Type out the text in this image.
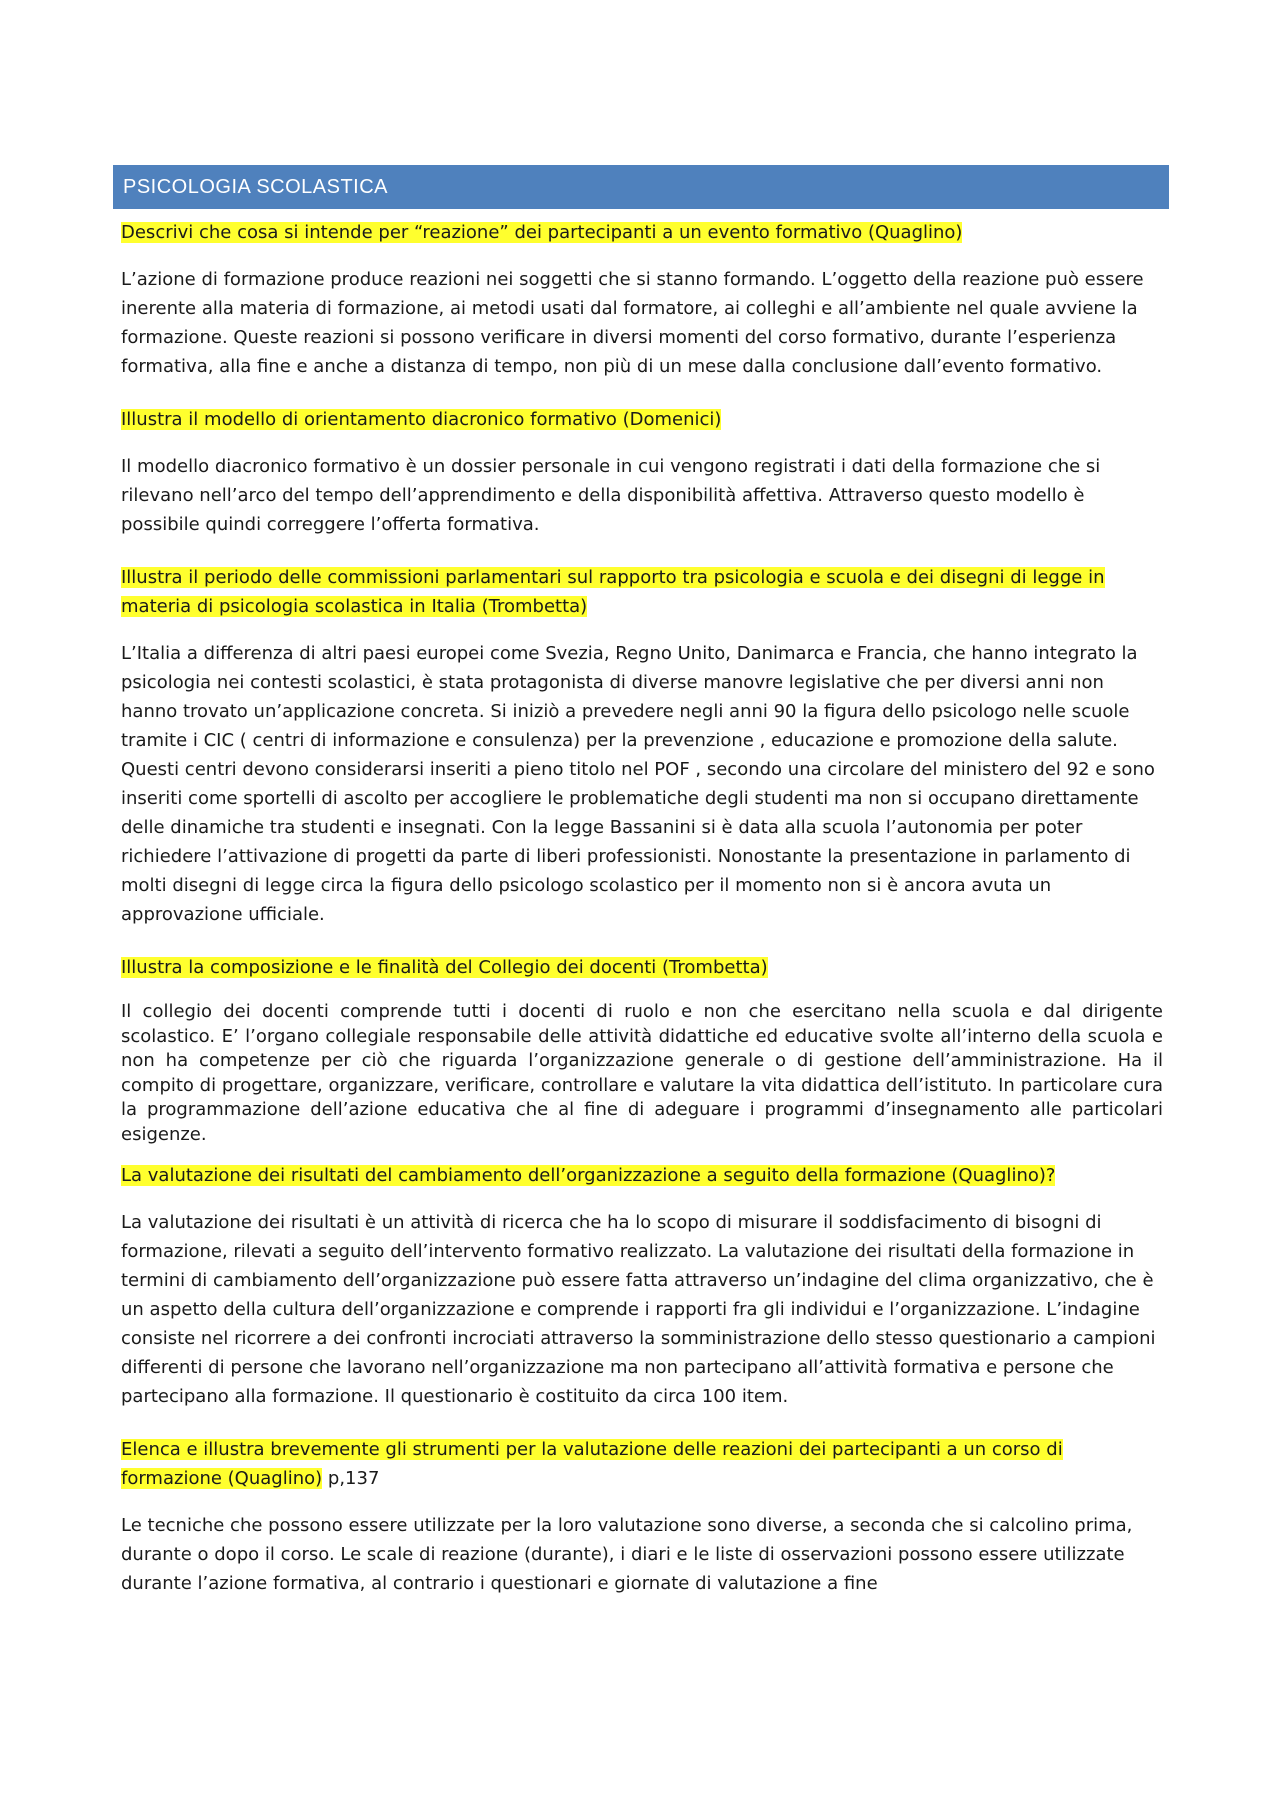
PSICOLOGIA SCOLASTICA

Descrivi che cosa si intende per “reazione” dei partecipanti a un evento formativo (Quaglino)

L’azione di formazione produce reazioni nei soggetti che si stanno formando. L’oggetto della reazione può essere inerente alla materia di formazione, ai metodi usati dal formatore, ai colleghi e all’ambiente nel quale avviene la formazione. Queste reazioni si possono verificare in diversi momenti del corso formativo, durante l’esperienza formativa, alla fine e anche a distanza di tempo, non più di un mese dalla conclusione dall’evento formativo.

Illustra il modello di orientamento diacronico formativo (Domenici)

Il modello diacronico formativo è un dossier personale in cui vengono registrati i dati della formazione che si rilevano nell’arco del tempo dell’apprendimento e della disponibilità affettiva. Attraverso questo modello è possibile quindi correggere l’offerta formativa.

Illustra il periodo delle commissioni parlamentari sul rapporto tra psicologia e scuola e dei disegni di legge in materia di psicologia scolastica in Italia (Trombetta)

L’Italia a differenza di altri paesi europei come Svezia, Regno Unito, Danimarca e Francia, che hanno integrato la psicologia nei contesti scolastici, è stata protagonista di diverse manovre legislative che per diversi anni non hanno trovato un’applicazione concreta. Si iniziò a prevedere negli anni 90 la figura dello psicologo nelle scuole tramite i CIC ( centri di informazione e consulenza) per la prevenzione , educazione e promozione della salute. Questi centri devono considerarsi inseriti a pieno titolo nel POF , secondo una circolare del ministero del 92 e sono inseriti come sportelli di ascolto per accogliere le problematiche degli studenti ma non si occupano direttamente delle dinamiche tra studenti e insegnati. Con la legge Bassanini si è data alla scuola l’autonomia per poter richiedere l’attivazione di progetti da parte di liberi professionisti. Nonostante la presentazione in parlamento di molti disegni di legge circa la figura dello psicologo scolastico per il momento non si è ancora avuta un approvazione ufficiale.

Illustra la composizione e le finalità del Collegio dei docenti (Trombetta)

Il collegio dei docenti comprende tutti i docenti di ruolo e non che esercitano nella scuola e dal dirigente scolastico. E’ l’organo collegiale responsabile delle attività didattiche ed educative svolte all’interno della scuola e non ha competenze per ciò che riguarda l’organizzazione generale o di gestione dell’amministrazione. Ha il compito di progettare, organizzare, verificare, controllare e valutare la vita didattica dell’istituto. In particolare cura la programmazione dell’azione educativa che al fine di adeguare i programmi d’insegnamento alle particolari esigenze.

La valutazione dei risultati del cambiamento dell’organizzazione a seguito della formazione (Quaglino)?

La valutazione dei risultati è un attività di ricerca che ha lo scopo di misurare il soddisfacimento di bisogni di formazione, rilevati a seguito dell’intervento formativo realizzato. La valutazione dei risultati della formazione in termini di cambiamento dell’organizzazione può essere fatta attraverso un’indagine del clima organizzativo, che è un aspetto della cultura dell’organizzazione e comprende i rapporti fra gli individui e l’organizzazione. L’indagine consiste nel ricorrere a dei confronti incrociati attraverso la somministrazione dello stesso questionario a campioni differenti di persone che lavorano nell’organizzazione ma non partecipano all’attività formativa e persone che partecipano alla formazione. Il questionario è costituito da circa 100 item.

Elenca e illustra brevemente gli strumenti per la valutazione delle reazioni dei partecipanti a un corso di formazione (Quaglino) p,137

Le tecniche che possono essere utilizzate per la loro valutazione sono diverse, a seconda che si calcolino prima, durante o dopo il corso. Le scale di reazione (durante), i diari e le liste di osservazioni possono essere utilizzate durante l’azione formativa, al contrario i questionari e giornate di valutazione a fine
